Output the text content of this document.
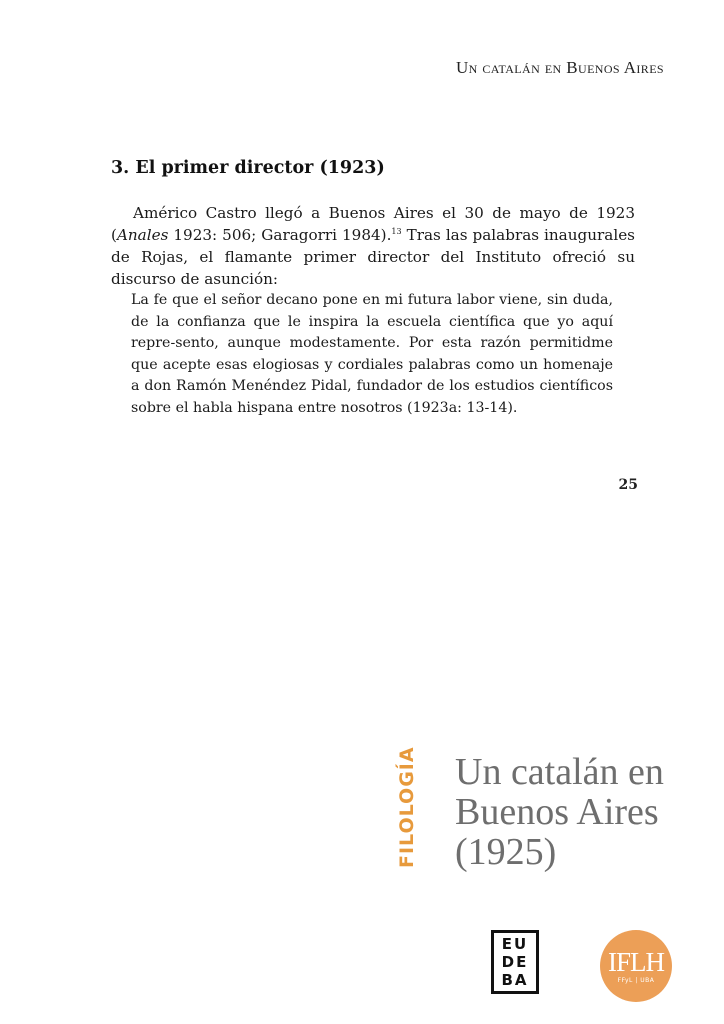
Un catalán en Buenos Aires
3. El primer director (1923)

Américo Castro llegó a Buenos Aires el 30 de mayo de 1923 (Anales 1923: 506; Garagorri 1984).$^{13}$ Tras las palabras inaugurales de Rojas, el flamante primer director del Instituto ofreció su discurso de asunción:

La fe que el señor decano pone en mi futura labor viene, sin duda, de la confianza que le inspira la escuela científica que yo aquí repre-sento, aunque modestamente. Por esta razón permitidme que acepte esas elogiosas y cordiales palabras como un homenaje a don Ramón Menéndez Pidal, fundador de los estudios científicos sobre el habla hispana entre nosotros (1923a: 13-14).

25
FILOLOGÍA Un catalán en
Buenos Aires
(1925)
EU
DE
BA
IFLH
FFyL | UBA
